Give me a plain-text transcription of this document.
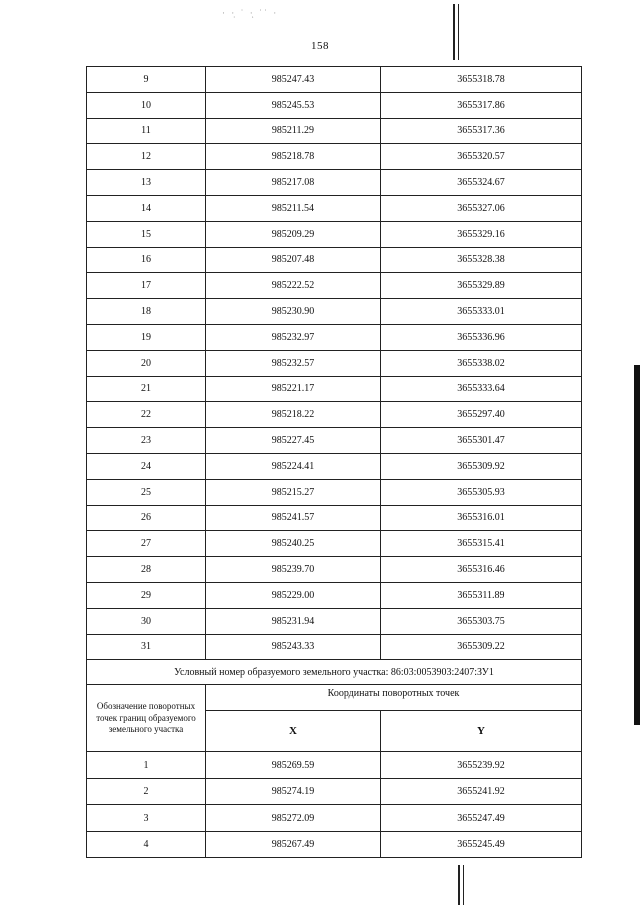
· ·̣ ˙ ·ͅ ˙˙ ·
158
9	985247.43	3655318.78
10	985245.53	3655317.86
11	985211.29	3655317.36
12	985218.78	3655320.57
13	985217.08	3655324.67
14	985211.54	3655327.06
15	985209.29	3655329.16
16	985207.48	3655328.38
17	985222.52	3655329.89
18	985230.90	3655333.01
19	985232.97	3655336.96
20	985232.57	3655338.02
21	985221.17	3655333.64
22	985218.22	3655297.40
23	985227.45	3655301.47
24	985224.41	3655309.92
25	985215.27	3655305.93
26	985241.57	3655316.01
27	985240.25	3655315.41
28	985239.70	3655316.46
29	985229.00	3655311.89
30	985231.94	3655303.75
31	985243.33	3655309.22
Условный номер образуемого земельного участка: 86:03:0053903:2407:ЗУ1		
Обозначение поворотных точек границ образуемого земельного участка	Координаты поворотных точек	
	X	Y
1	985269.59	3655239.92
2	985274.19	3655241.92
3	985272.09	3655247.49
4	985267.49	3655245.49
